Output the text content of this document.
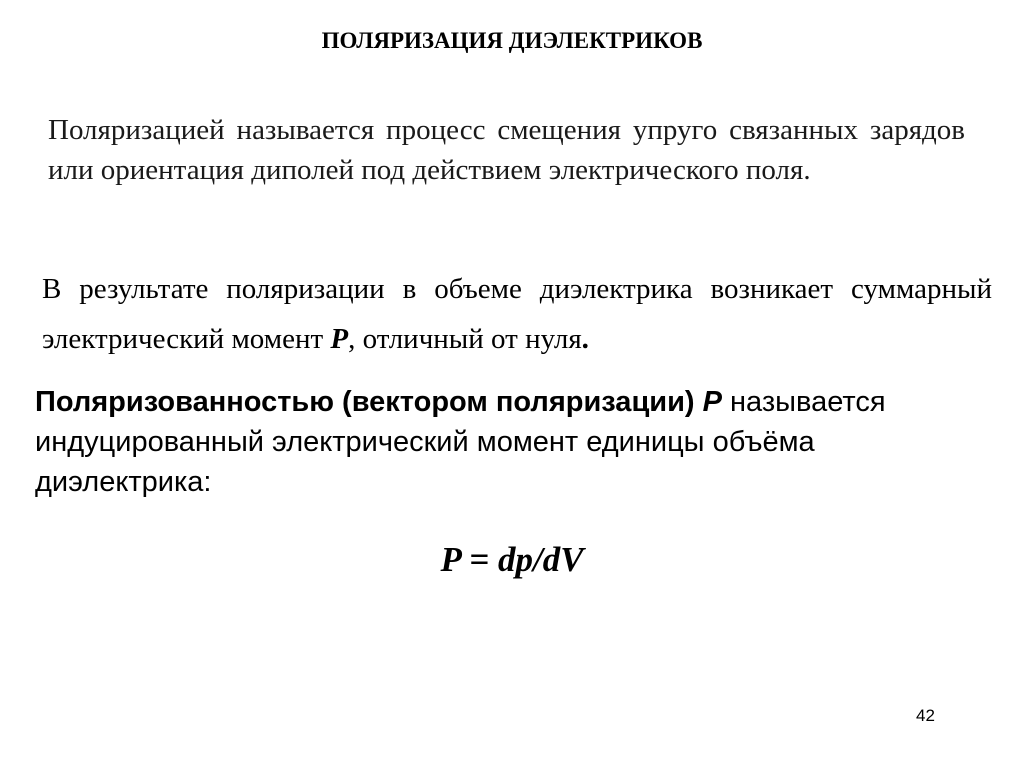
ПОЛЯРИЗАЦИЯ ДИЭЛЕКТРИКОВ

Поляризацией называется процесс смещения упруго связанных зарядов или ориентация диполей под действием электрического поля.

В результате поляризации в объеме диэлектрика возникает суммарный электрический момент P, отличный от нуля.

Поляризованностью (вектором поляризации) P называется индуцированный электрический момент единицы объёма диэлектрика:

P = dp/dV
42
